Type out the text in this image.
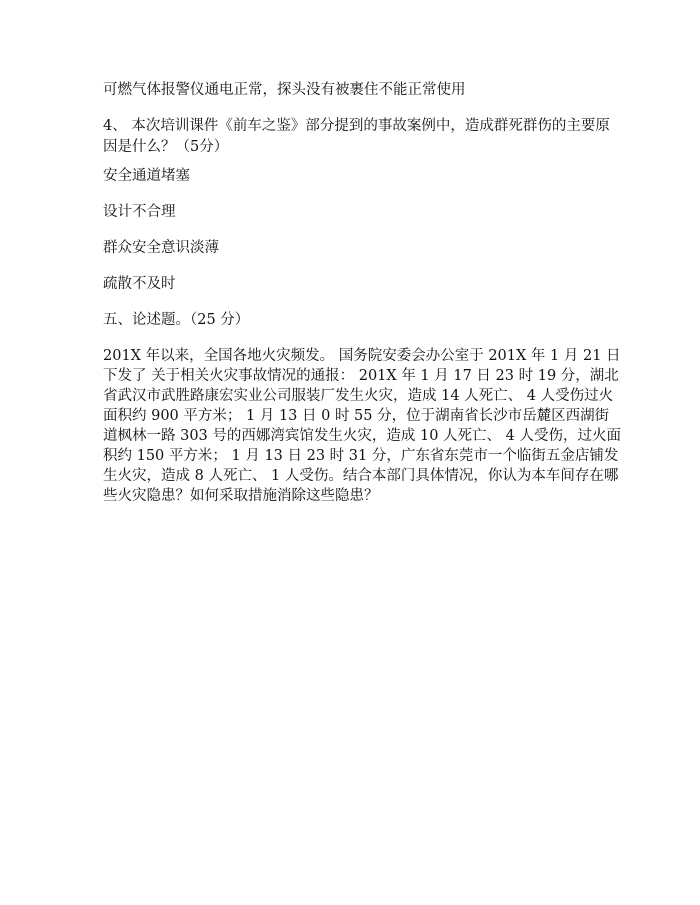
可燃气体报警仪通电正常，探头没有被裹住不能正常使用

4、 本次培训课件《前车之鉴》部分提到的事故案例中，造成群死群伤的主要原因是什么？（5分）

安全通道堵塞

设计不合理

群众安全意识淡薄

疏散不及时

五、论述题。（25 分）

201X 年以来，全国各地火灾频发。 国务院安委会办公室于 201X 年 1 月 21 日 下发了 关于相关火灾事故情况的通报： 201X 年 1 月 17 日 23 时 19 分，湖北省武汉市武胜路康宏实业公司服装厂发生火灾，造成 14 人死亡、 4 人受伤过火面积约 900 平方米； 1 月 13 日 0 时 55 分，位于湖南省长沙市岳麓区西湖街道枫林一路 303 号的西娜湾宾馆发生火灾，造成 10 人死亡、 4 人受伤，过火面积约 150 平方米； 1 月 13 日 23 时 31 分，广东省东莞市一个临街五金店铺发生火灾，造成 8 人死亡、 1 人受伤。结合本部门具体情况，你认为本车间存在哪些火灾隐患？如何采取措施消除这些隐患？
